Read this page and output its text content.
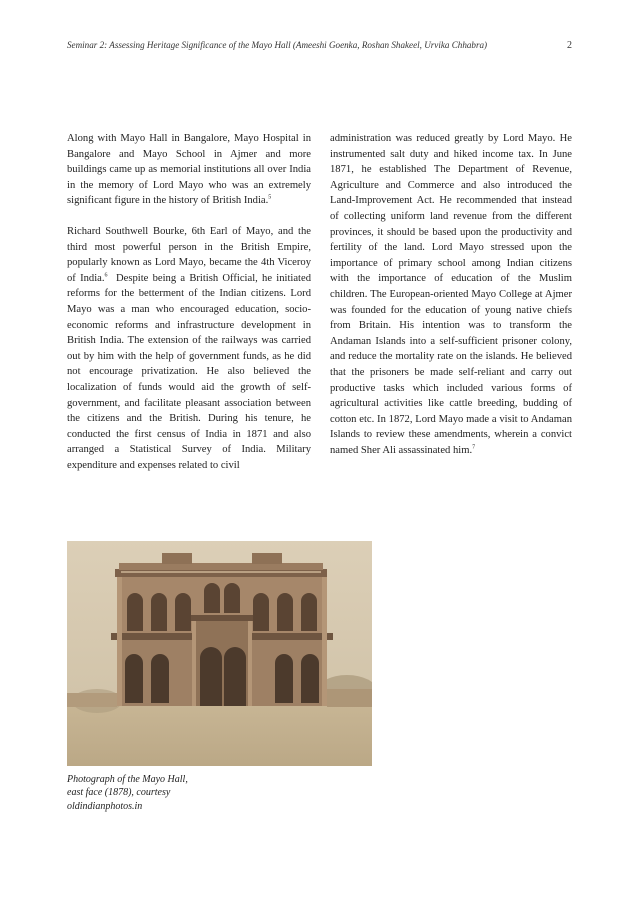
Seminar 2: Assessing Heritage Significance of the Mayo Hall (Ameeshi Goenka, Roshan Shakeel, Urvika Chhabra)	2

Along with Mayo Hall in Bangalore, Mayo Hospital in Bangalore and Mayo School in Ajmer and more buildings came up as memorial institutions all over India in the memory of Lord Mayo who was an extremely significant figure in the history of British India.$^5$

Richard Southwell Bourke, 6th Earl of Mayo, and the third most powerful person in the British Empire, popularly known as Lord Mayo, became the 4th Viceroy of India.$^6$ Despite being a British Official, he initiated reforms for the betterment of the Indian citizens. Lord Mayo was a man who encouraged education, socio-economic reforms and infrastructure development in British India. The extension of the railways was carried out by him with the help of government funds, as he did not encourage privatization. He also believed the localization of funds would aid the growth of self-government, and facilitate pleasant association between the citizens and the British. During his tenure, he conducted the first census of India in 1871 and also arranged a Statistical Survey of India. Military expenditure and expenses related to civil

administration was reduced greatly by Lord Mayo. He instrumented salt duty and hiked income tax. In June 1871, he established The Department of Revenue, Agriculture and Commerce and also introduced the Land-Improvement Act. He recommended that instead of collecting uniform land revenue from the different provinces, it should be based upon the productivity and fertility of the land. Lord Mayo stressed upon the importance of primary school among Indian citizens with the importance of education of the Muslim children. The European-oriented Mayo College at Ajmer was founded for the education of young native chiefs from Britain. His intention was to transform the Andaman Islands into a self-sufficient prisoner colony, and reduce the mortality rate on the islands. He believed that the prisoners be made self-reliant and carry out productive tasks which included various forms of agricultural activities like cattle breeding, budding of cotton etc. In 1872, Lord Mayo made a visit to Andaman Islands to review these amendments, wherein a convict named Sher Ali assassinated him.$^7$

Photograph of the Mayo Hall,
east face (1878), courtesy
oldindianphotos.in
